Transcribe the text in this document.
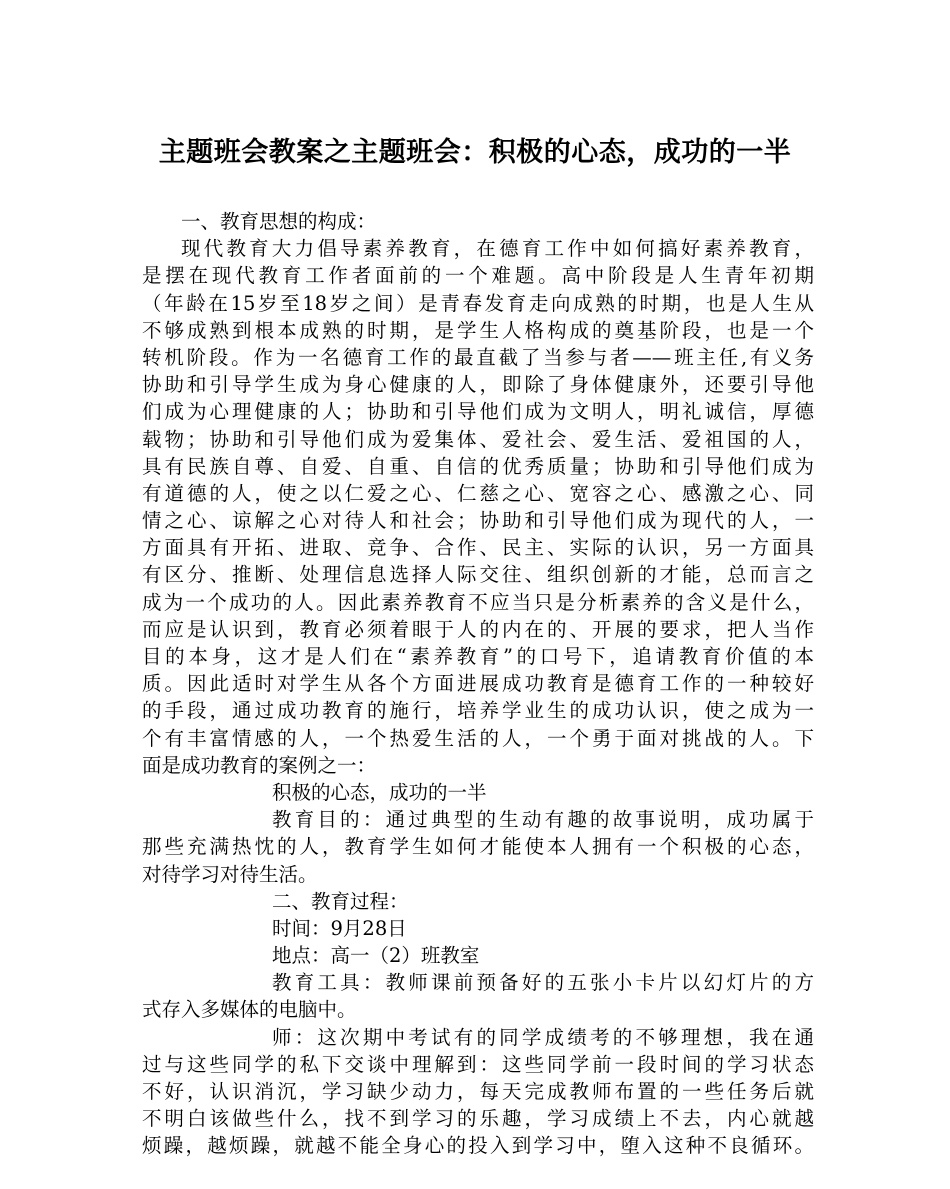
主题班会教案之主题班会：积极的心态，成功的一半
一、教育思想的构成：
现代教育大力倡导素养教育，在德育工作中如何搞好素养教育，
是摆在现代教育工作者面前的一个难题。高中阶段是人生青年初期
（年龄在15岁至18岁之间）是青春发育走向成熟的时期，也是人生从
不够成熟到根本成熟的时期，是学生人格构成的奠基阶段，也是一个
转机阶段。作为一名德育工作的最直截了当参与者——班主任,有义务
协助和引导学生成为身心健康的人，即除了身体健康外，还要引导他
们成为心理健康的人；协助和引导他们成为文明人，明礼诚信，厚德
载物；协助和引导他们成为爱集体、爱社会、爱生活、爱祖国的人，
具有民族自尊、自爱、自重、自信的优秀质量；协助和引导他们成为
有道德的人，使之以仁爱之心、仁慈之心、宽容之心、感激之心、同
情之心、谅解之心对待人和社会；协助和引导他们成为现代的人，一
方面具有开拓、进取、竞争、合作、民主、实际的认识，另一方面具
有区分、推断、处理信息选择人际交往、组织创新的才能，总而言之
成为一个成功的人。因此素养教育不应当只是分析素养的含义是什么，
而应是认识到，教育必须着眼于人的内在的、开展的要求，把人当作
目的本身，这才是人们在“素养教育”的口号下，追请教育价值的本
质。因此适时对学生从各个方面进展成功教育是德育工作的一种较好
的手段，通过成功教育的施行，培养学业生的成功认识，使之成为一
个有丰富情感的人，一个热爱生活的人，一个勇于面对挑战的人。下
面是成功教育的案例之一：
积极的心态，成功的一半
教育目的：通过典型的生动有趣的故事说明，成功属于
那些充满热忱的人，教育学生如何才能使本人拥有一个积极的心态，
对待学习对待生活。
二、教育过程：
时间：9月28日
地点：高一（2）班教室
教育工具：教师课前预备好的五张小卡片以幻灯片的方
式存入多媒体的电脑中。
师：这次期中考试有的同学成绩考的不够理想，我在通
过与这些同学的私下交谈中理解到：这些同学前一段时间的学习状态
不好，认识消沉，学习缺少动力，每天完成教师布置的一些任务后就
不明白该做些什么，找不到学习的乐趣，学习成绩上不去，内心就越
烦躁，越烦躁，就越不能全身心的投入到学习中，堕入这种不良循环。
